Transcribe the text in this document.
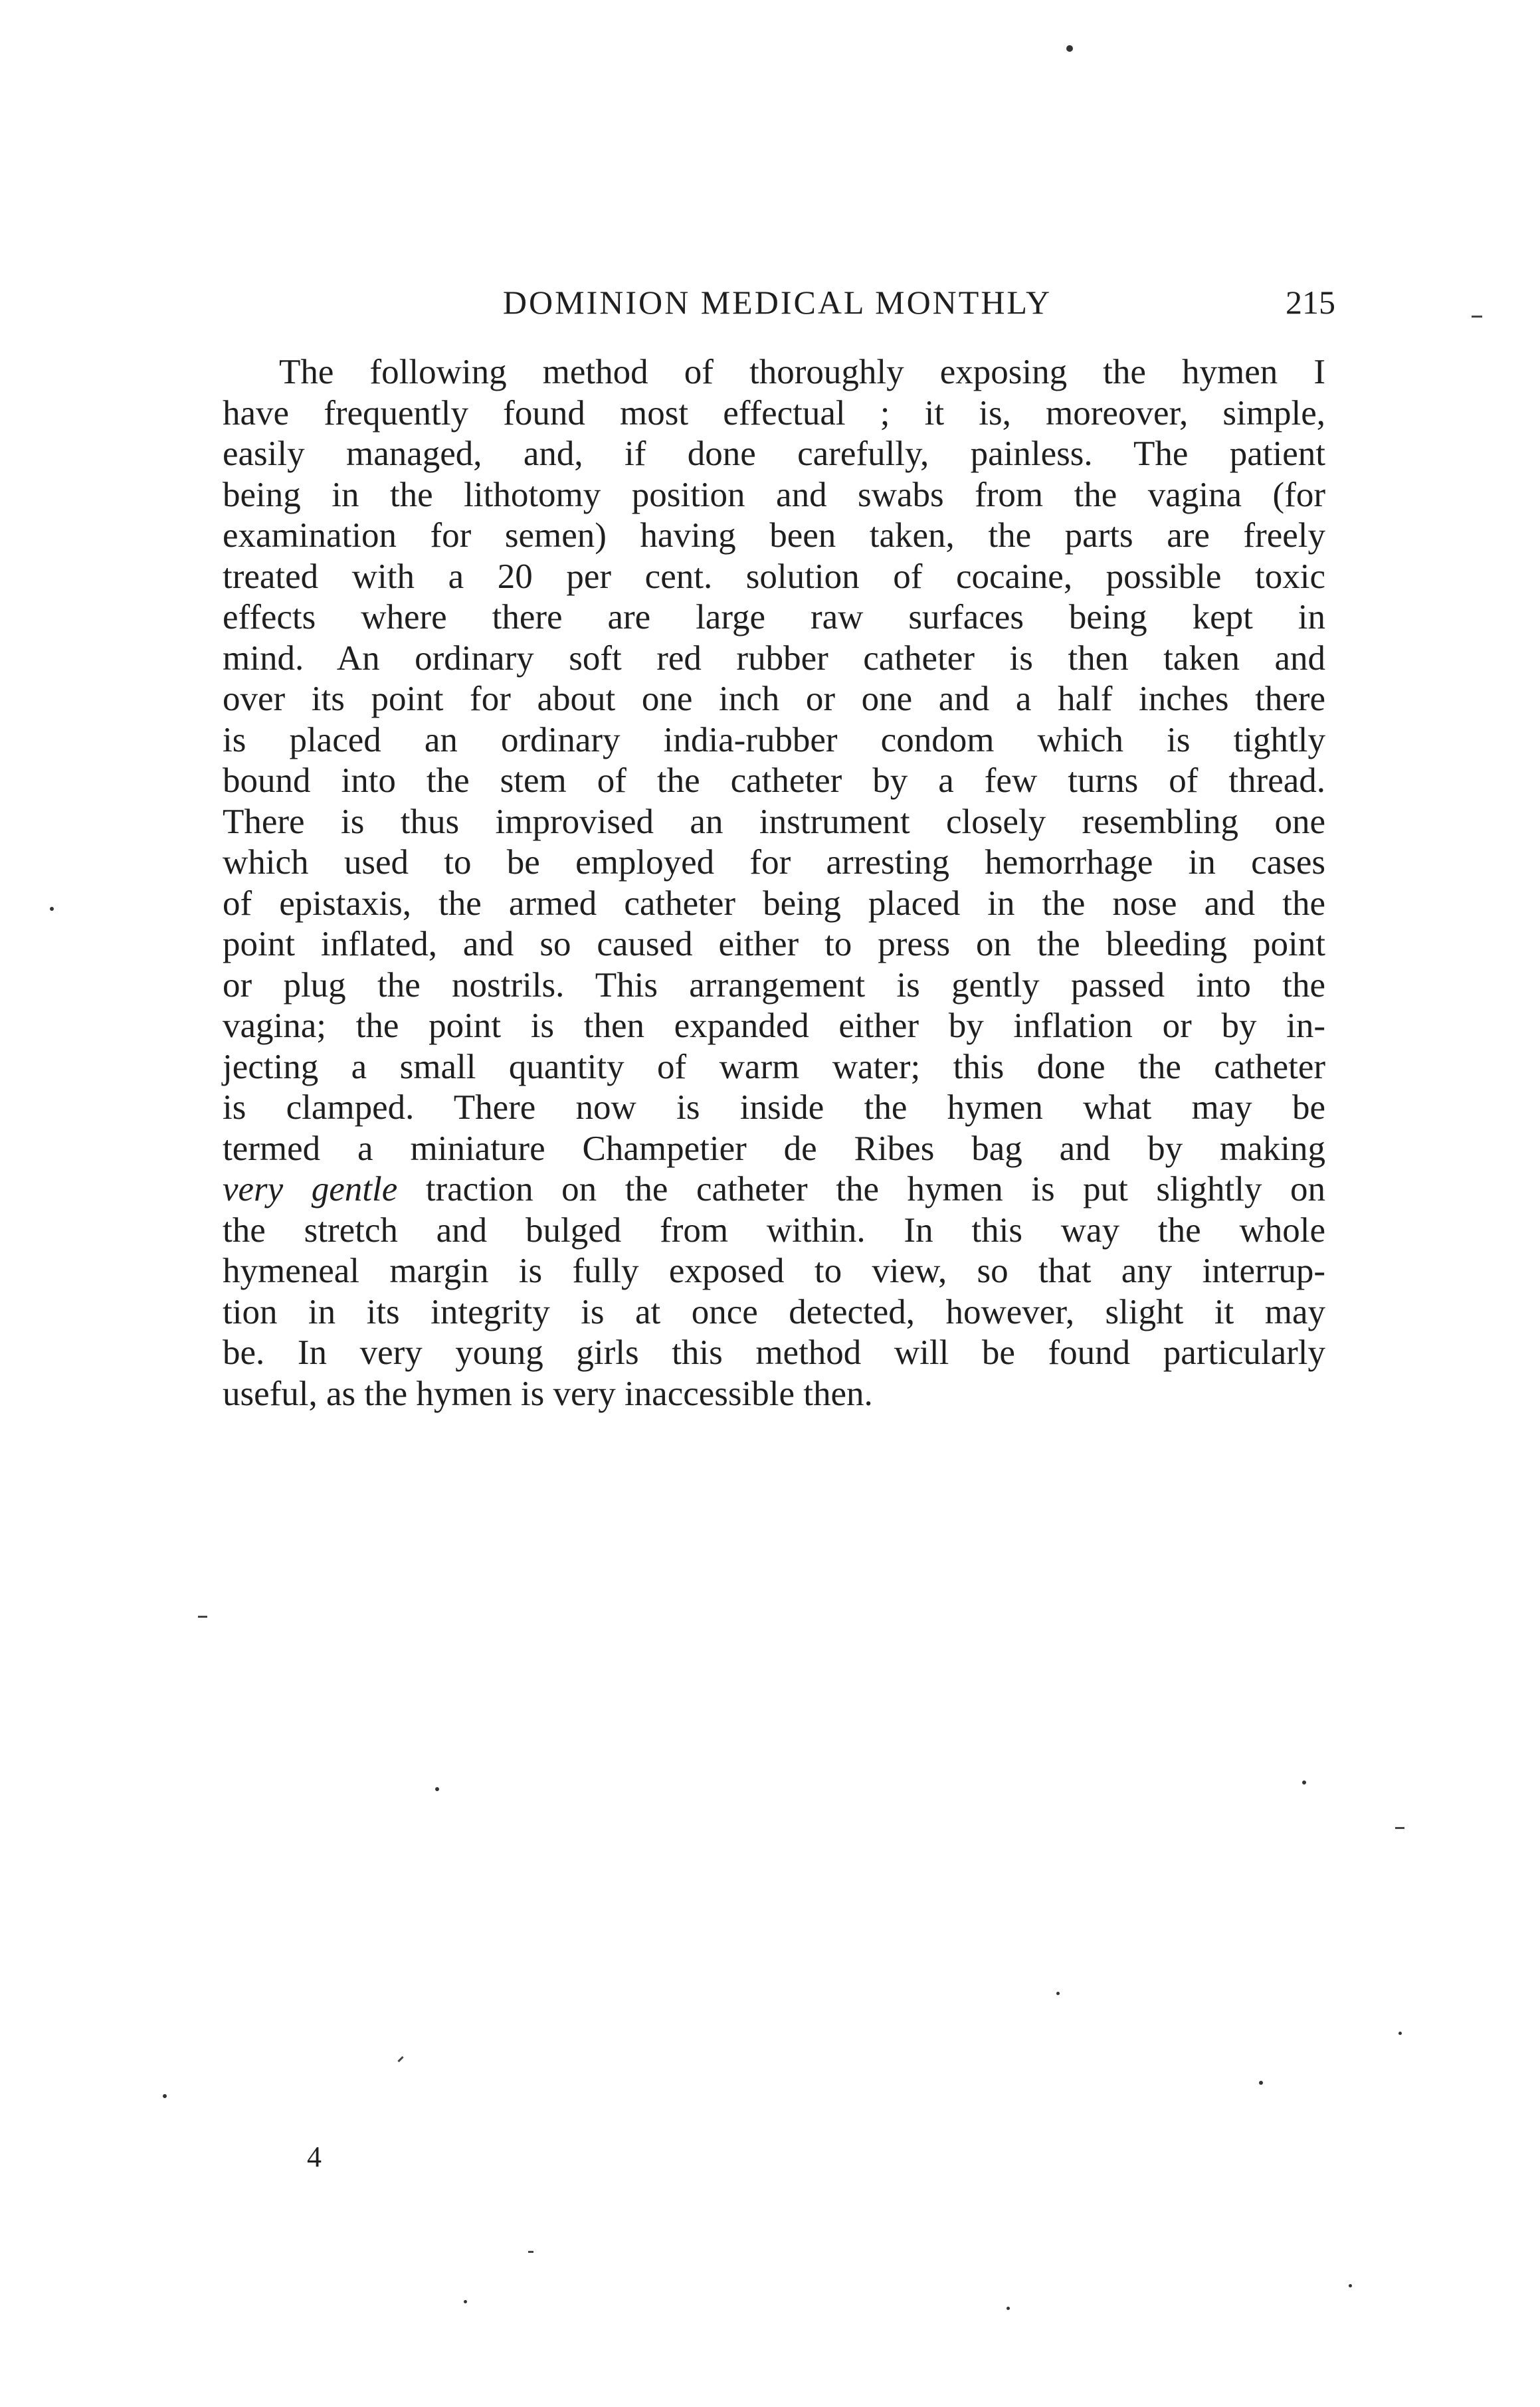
DOMINION MEDICAL MONTHLY	215
The following method of thoroughly exposing the hymen I
have frequently found most effectual ; it is, moreover, simple,
easily managed, and, if done carefully, painless. The patient
being in the lithotomy position and swabs from the vagina (for
examination for semen) having been taken, the parts are freely
treated with a 20 per cent. solution of cocaine, possible toxic
effects where there are large raw surfaces being kept in
mind. An ordinary soft red rubber catheter is then taken and
over its point for about one inch or one and a half inches there
is placed an ordinary india-rubber condom which is tightly
bound into the stem of the catheter by a few turns of thread.
There is thus improvised an instrument closely resembling one
which used to be employed for arresting hemorrhage in cases
of epistaxis, the armed catheter being placed in the nose and the
point inflated, and so caused either to press on the bleeding point
or plug the nostrils. This arrangement is gently passed into the
vagina; the point is then expanded either by inflation or by in-
jecting a small quantity of warm water; this done the catheter
is clamped. There now is inside the hymen what may be
termed a miniature Champetier de Ribes bag and by making
very gentle traction on the catheter the hymen is put slightly on
the stretch and bulged from within. In this way the whole
hymeneal margin is fully exposed to view, so that any interrup-
tion in its integrity is at once detected, however, slight it may
be. In very young girls this method will be found particularly
useful, as the hymen is very inaccessible then.
4
